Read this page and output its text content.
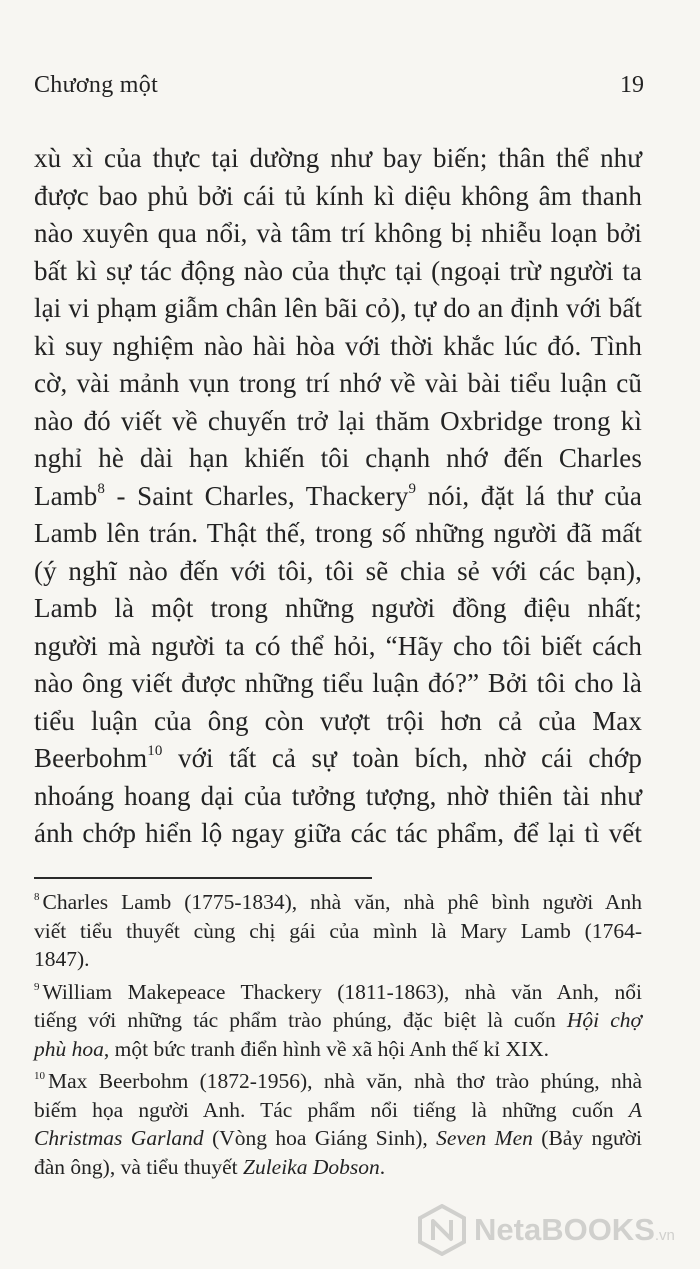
Chương một	19
xù xì của thực tại dường như bay biến; thân thể như
được bao phủ bởi cái tủ kính kì diệu không âm thanh
nào xuyên qua nổi, và tâm trí không bị nhiễu loạn bởi
bất kì sự tác động nào của thực tại (ngoại trừ người ta
lại vi phạm giẫm chân lên bãi cỏ), tự do an định với bất
kì suy nghiệm nào hài hòa với thời khắc lúc đó. Tình
cờ, vài mảnh vụn trong trí nhớ về vài bài tiểu luận cũ
nào đó viết về chuyến trở lại thăm Oxbridge trong kì
nghỉ hè dài hạn khiến tôi chạnh nhớ đến Charles
Lamb$^8$ - Saint Charles, Thackery$^9$ nói, đặt lá thư của
Lamb lên trán. Thật thế, trong số những người đã mất
(ý nghĩ nào đến với tôi, tôi sẽ chia sẻ với các bạn),
Lamb là một trong những người đồng điệu nhất;
người mà người ta có thể hỏi, “Hãy cho tôi biết cách
nào ông viết được những tiểu luận đó?” Bởi tôi cho là
tiểu luận của ông còn vượt trội hơn cả của Max
Beerbohm$^{10}$ với tất cả sự toàn bích, nhờ cái chớp
nhoáng hoang dại của tưởng tượng, nhờ thiên tài như
ánh chớp hiển lộ ngay giữa các tác phẩm, để lại tì vết
$^8$ Charles Lamb (1775-1834), nhà văn, nhà phê bình người Anh
viết tiểu thuyết cùng chị gái của mình là Mary Lamb (1764-
1847).
$^9$ William Makepeace Thackery (1811-1863), nhà văn Anh, nổi
tiếng với những tác phẩm trào phúng, đặc biệt là cuốn Hội chợ
phù hoa, một bức tranh điển hình về xã hội Anh thế kỉ XIX.
$^{10}$ Max Beerbohm (1872-1956), nhà văn, nhà thơ trào phúng, nhà
biếm họa người Anh. Tác phẩm nổi tiếng là những cuốn A
Christmas Garland (Vòng hoa Giáng Sinh), Seven Men (Bảy người
đàn ông), và tiểu thuyết Zuleika Dobson.
NetaBOOKS.vn
